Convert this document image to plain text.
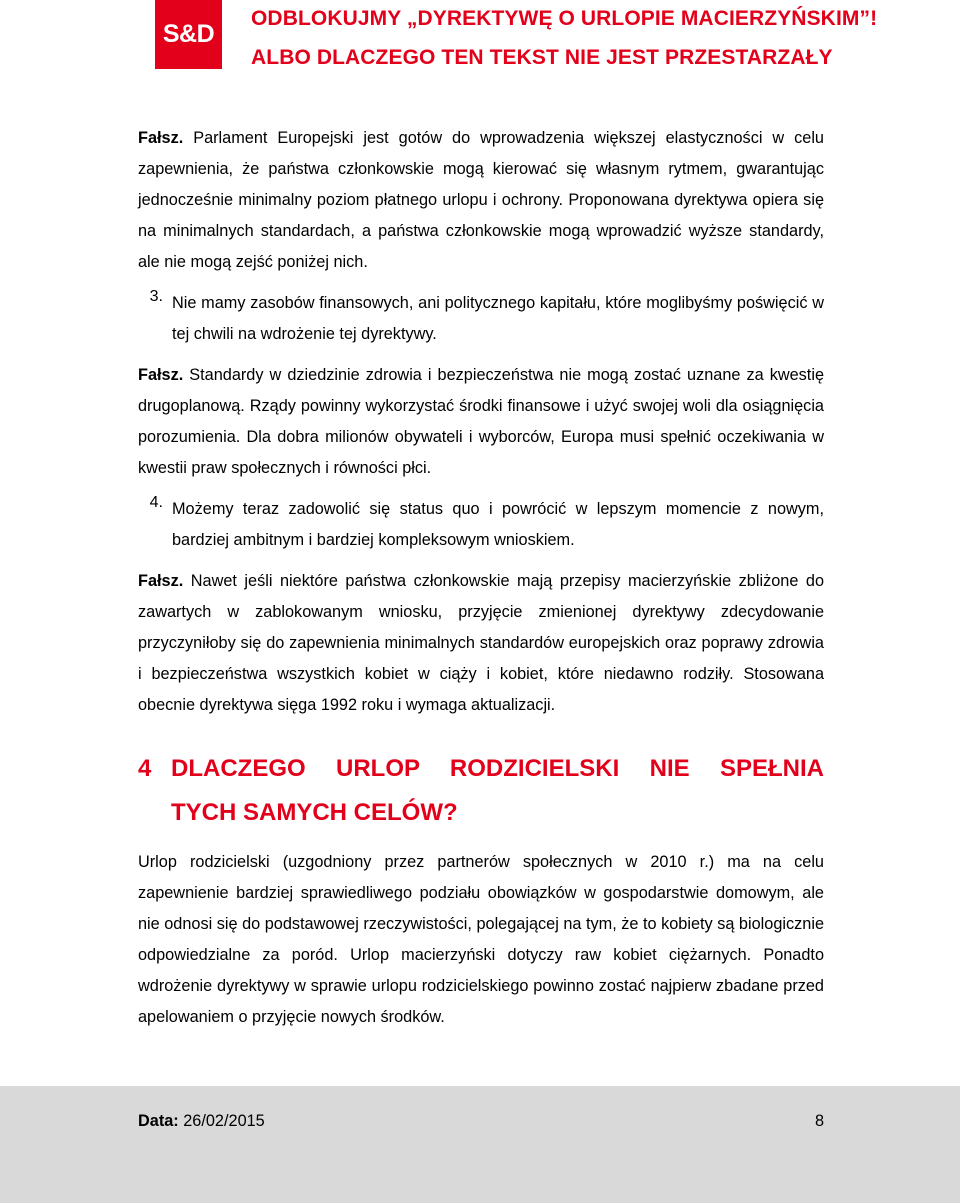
S&D
ODBLOKUJMY „DYREKTYWĘ O URLOPIE MACIERZYŃSKIM”!
ALBO DLACZEGO TEN TEKST NIE JEST PRZESTARZAŁY

Fałsz. Parlament Europejski jest gotów do wprowadzenia większej elastyczności w celu zapewnienia, że państwa członkowskie mogą kierować się własnym rytmem, gwarantując jednocześnie minimalny poziom płatnego urlopu i ochrony. Proponowana dyrektywa opiera się na minimalnych standardach, a państwa członkowskie mogą wprowadzić wyższe standardy, ale nie mogą zejść poniżej nich.

3. Nie mamy zasobów finansowych, ani politycznego kapitału, które moglibyśmy poświęcić w tej chwili na wdrożenie tej dyrektywy.

Fałsz. Standardy w dziedzinie zdrowia i bezpieczeństwa nie mogą zostać uznane za kwestię drugoplanową. Rządy powinny wykorzystać środki finansowe i użyć swojej woli dla osiągnięcia porozumienia. Dla dobra milionów obywateli i wyborców, Europa musi spełnić oczekiwania w kwestii praw społecznych i równości płci.

4. Możemy teraz zadowolić się status quo i powrócić w lepszym momencie z nowym, bardziej ambitnym i bardziej kompleksowym wnioskiem.

Fałsz. Nawet jeśli niektóre państwa członkowskie mają przepisy macierzyńskie zbliżone do zawartych w zablokowanym wniosku, przyjęcie zmienionej dyrektywy zdecydowanie przyczyniłoby się do zapewnienia minimalnych standardów europejskich oraz poprawy zdrowia i bezpieczeństwa wszystkich kobiet w ciąży i kobiet, które niedawno rodziły. Stosowana obecnie dyrektywa sięga 1992 roku i wymaga aktualizacji.

4 DLACZEGO URLOP RODZICIELSKI NIE SPEŁNIA
TYCH SAMYCH CELÓW?

Urlop rodzicielski (uzgodniony przez partnerów społecznych w 2010 r.) ma na celu zapewnienie bardziej sprawiedliwego podziału obowiązków w gospodarstwie domowym, ale nie odnosi się do podstawowej rzeczywistości, polegającej na tym, że to kobiety są biologicznie odpowiedzialne za poród. Urlop macierzyński dotyczy raw kobiet ciężarnych. Ponadto wdrożenie dyrektywy w sprawie urlopu rodzicielskiego powinno zostać najpierw zbadane przed apelowaniem o przyjęcie nowych środków.

Data: 26/02/2015	8
